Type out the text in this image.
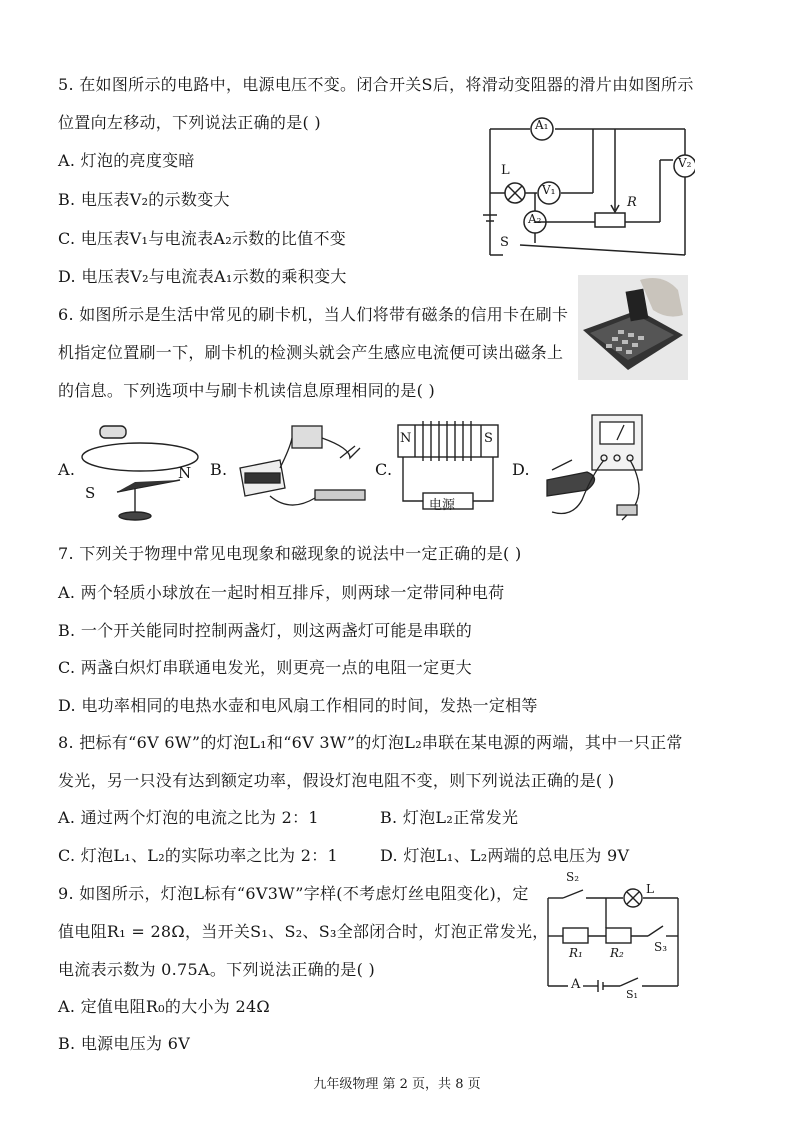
5. 在如图所示的电路中，电源电压不变。闭合开关S后，将滑动变阻器的滑片由如图所示
位置向左移动，下列说法正确的是( )
A. 灯泡的亮度变暗
B. 电压表V₂的示数变大
C. 电压表V₁与电流表A₂示数的比值不变
D. 电压表V₂与电流表A₁示数的乘积变大
A₁
V₁
A₂
V₂
L
R
S
6. 如图所示是生活中常见的刷卡机，当人们将带有磁条的信用卡在刷卡
机指定位置刷一下，刷卡机的检测头就会产生感应电流便可读出磁条上
的信息。下列选项中与刷卡机读信息原理相同的是( )
A.	B.	C.	D.
S
N
N	S
电源
7. 下列关于物理中常见电现象和磁现象的说法中一定正确的是( )
A. 两个轻质小球放在一起时相互排斥，则两球一定带同种电荷
B. 一个开关能同时控制两盏灯，则这两盏灯可能是串联的
C. 两盏白炽灯串联通电发光，则更亮一点的电阻一定更大
D. 电功率相同的电热水壶和电风扇工作相同的时间，发热一定相等
8. 把标有“6V 6W”的灯泡L₁和“6V 3W”的灯泡L₂串联在某电源的两端，其中一只正常
发光，另一只没有达到额定功率，假设灯泡电阻不变，则下列说法正确的是( )
A. 通过两个灯泡的电流之比为 2：1	B. 灯泡L₂正常发光
C. 灯泡L₁、L₂的实际功率之比为 2：1	D. 灯泡L₁、L₂两端的总电压为 9V
9. 如图所示，灯泡L标有“6V3W”字样(不考虑灯丝电阻变化)，定
值电阻R₁ = 28Ω，当开关S₁、S₂、S₃全部闭合时，灯泡正常发光，
电流表示数为 0.75A。下列说法正确的是( )
A. 定值电阻R₀的大小为 24Ω
B. 电源电压为 6V
S₂
L
R₁ R₂	S₃
A
S₁
九年级物理 第 2 页，共 8 页
